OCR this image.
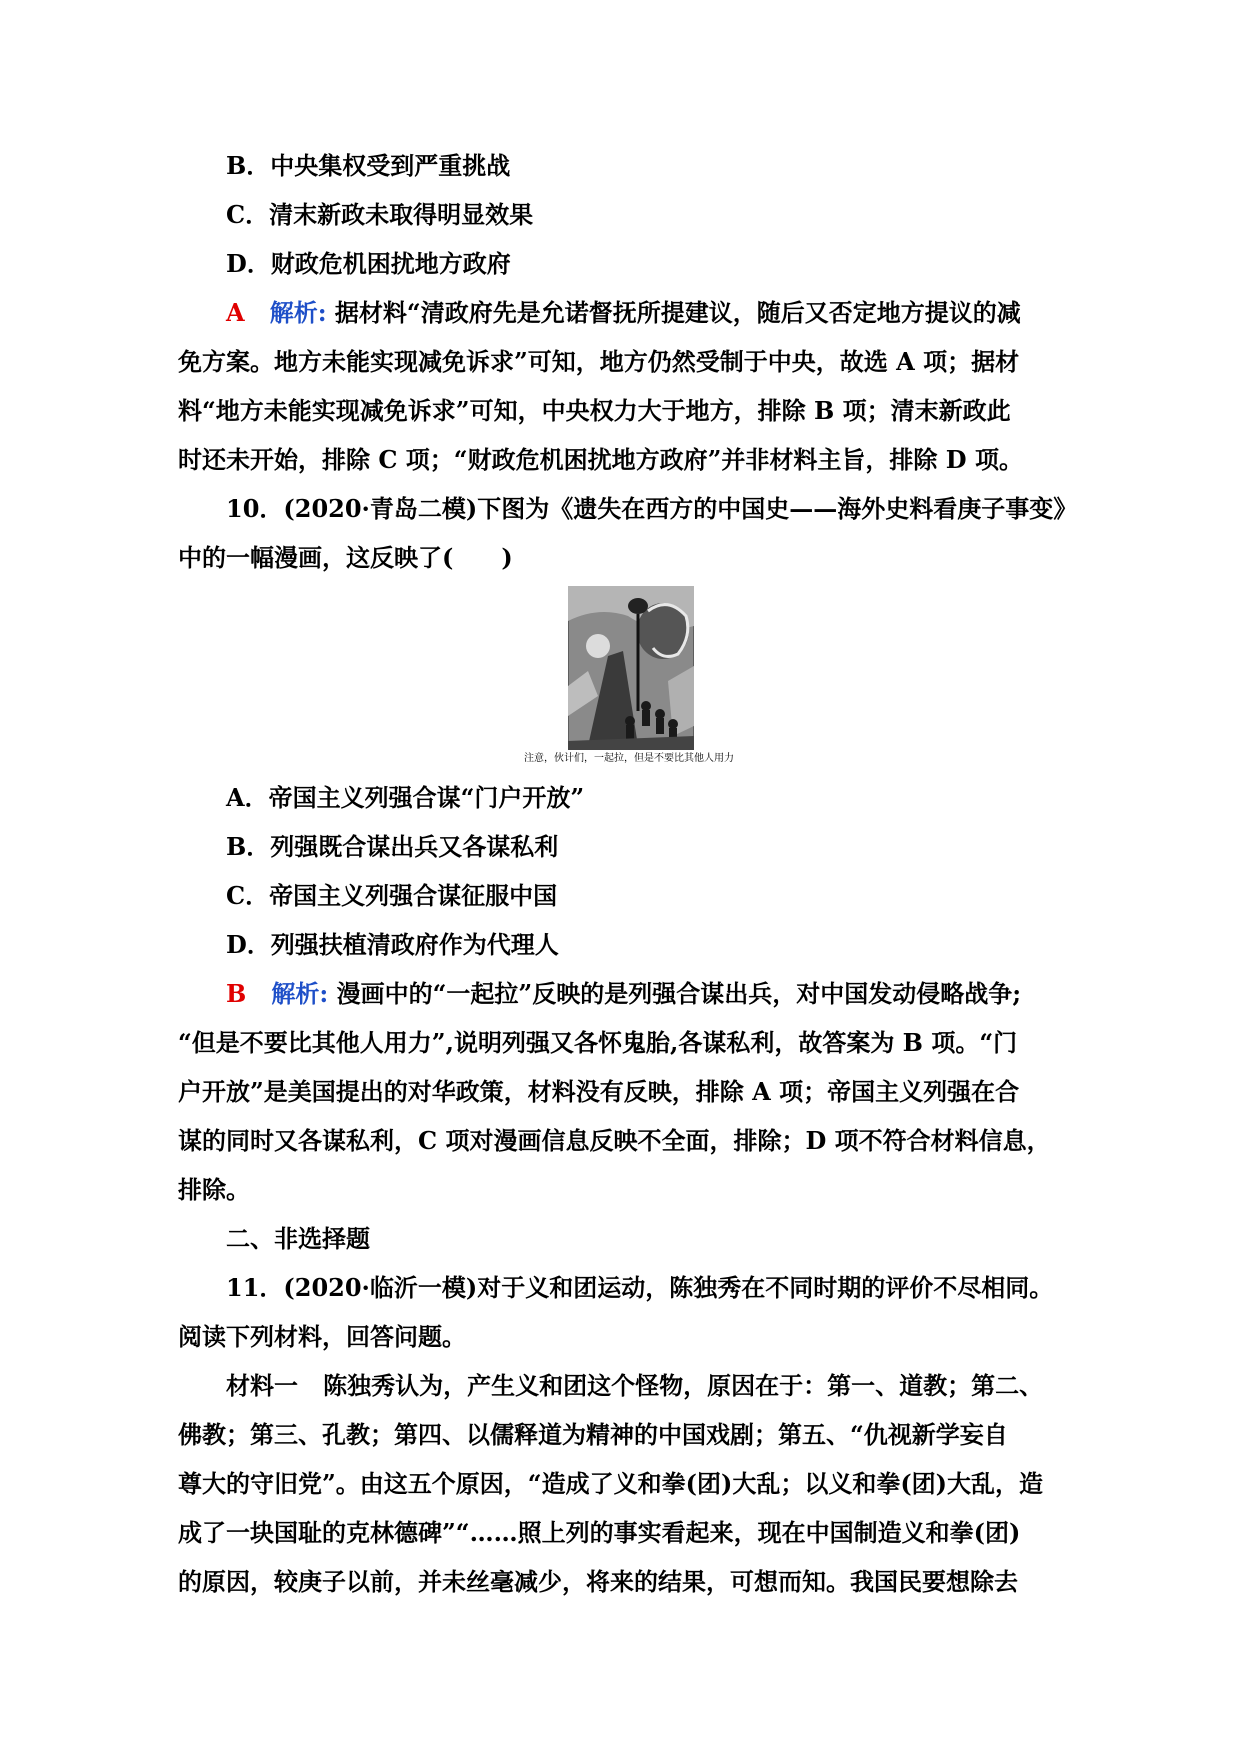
B．中央集权受到严重挑战
C．清末新政未取得明显效果
D．财政危机困扰地方政府
A 解析: 据材料“清政府先是允诺督抚所提建议，随后又否定地方提议的减
免方案。地方未能实现减免诉求”可知，地方仍然受制于中央，故选 A 项；据材
料“地方未能实现减免诉求”可知，中央权力大于地方，排除 B 项；清末新政此
时还未开始，排除 C 项；“财政危机困扰地方政府”并非材料主旨，排除 D 项。
10．(2020·青岛二模)下图为《遗失在西方的中国史——海外史料看庚子事变》
中的一幅漫画，这反映了(　　)
注意，伙计们，一起拉，但是不要比其他人用力
A．帝国主义列强合谋“门户开放”
B．列强既合谋出兵又各谋私利
C．帝国主义列强合谋征服中国
D．列强扶植清政府作为代理人
B 解析: 漫画中的“一起拉”反映的是列强合谋出兵，对中国发动侵略战争;
“但是不要比其他人用力”,说明列强又各怀鬼胎,各谋私利，故答案为 B 项。“门
户开放”是美国提出的对华政策，材料没有反映，排除 A 项；帝国主义列强在合
谋的同时又各谋私利，C 项对漫画信息反映不全面，排除；D 项不符合材料信息，
排除。
二、非选择题
11．(2020·临沂一模)对于义和团运动，陈独秀在不同时期的评价不尽相同。
阅读下列材料，回答问题。
材料一 陈独秀认为，产生义和团这个怪物，原因在于：第一、道教；第二、
佛教；第三、孔教；第四、以儒释道为精神的中国戏剧；第五、“仇视新学妄自
尊大的守旧党”。由这五个原因，“造成了义和拳(团)大乱；以义和拳(团)大乱，造
成了一块国耻的克林德碑”“……照上列的事实看起来，现在中国制造义和拳(团)
的原因，较庚子以前，并未丝毫减少，将来的结果，可想而知。我国民要想除去
